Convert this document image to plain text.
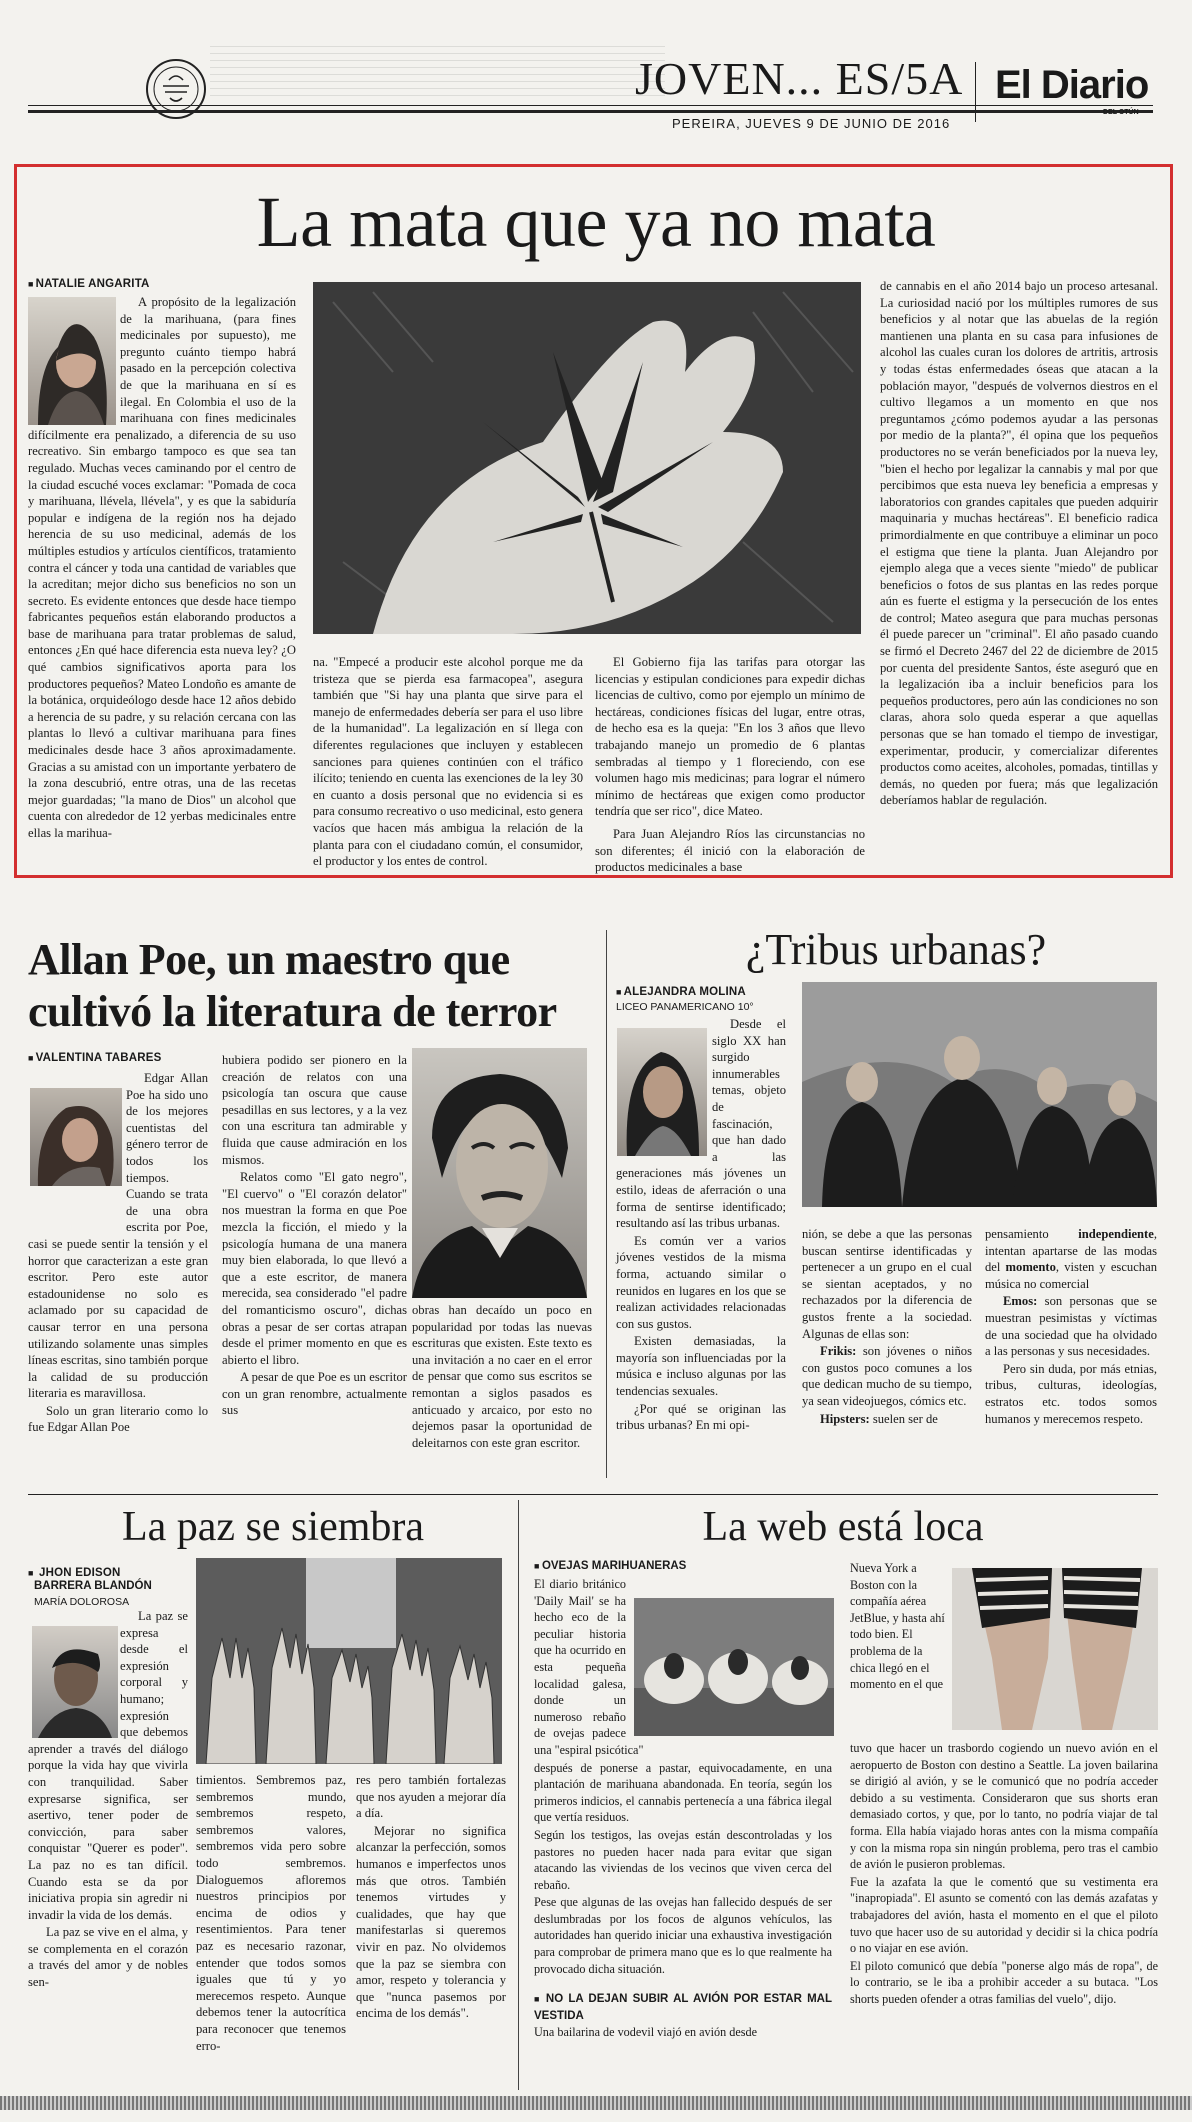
JOVEN... ES/5A
PEREIRA, JUEVES 9 DE JUNIO DE 2016
El Diario
DEL OTÚN
La mata que ya no mata
■ NATALIE ANGARITA

A propósito de la legalización de la marihuana, (para fines medicinales por supuesto), me pregunto cuánto tiempo habrá pasado en la percepción colectiva de que la marihuana en sí es ilegal. En Colombia el uso de la marihuana con fines medicinales difícilmente era penalizado, a diferencia de su uso recreativo. Sin embargo tampoco es que sea tan regulado. Muchas veces caminando por el centro de la ciudad escuché voces exclamar: "Pomada de coca y marihuana, llévela, llévela", y es que la sabiduría popular e indígena de la región nos ha dejado herencia de su uso medicinal, además de los múltiples estudios y artículos científicos, tratamiento contra el cáncer y toda una cantidad de variables que la acreditan; mejor dicho sus beneficios no son un secreto. Es evidente entonces que desde hace tiempo fabricantes pequeños están elaborando productos a base de marihuana para tratar problemas de salud, entonces ¿En qué hace diferencia esta nueva ley? ¿O qué cambios significativos aporta para los productores pequeños? Mateo Londoño es amante de la botánica, orquideólogo desde hace 12 años debido a herencia de su padre, y su relación cercana con las plantas lo llevó a cultivar marihuana para fines medicinales desde hace 3 años aproximadamente. Gracias a su amistad con un importante yerbatero de la zona descubrió, entre otras, una de las recetas mejor guardadas; "la mano de Dios" un alcohol que cuenta con alrededor de 12 yerbas medicinales entre ellas la marihua-

na. "Empecé a producir este alcohol porque me da tristeza que se pierda esa farmacopea", asegura también que "Si hay una planta que sirve para el manejo de enfermedades debería ser para el uso libre de la humanidad". La legalización en sí llega con diferentes regulaciones que incluyen y establecen sanciones para quienes continúen con el tráfico ilícito; teniendo en cuenta las exenciones de la ley 30 en cuanto a dosis personal que no evidencia si es para consumo recreativo o uso medicinal, esto genera vacíos que hacen más ambigua la relación de la planta para con el ciudadano común, el consumidor, el productor y los entes de control.

El Gobierno fija las tarifas para otorgar las licencias y estipulan condiciones para expedir dichas licencias de cultivo, como por ejemplo un mínimo de hectáreas, condiciones físicas del lugar, entre otras, de hecho esa es la queja: "En los 3 años que llevo trabajando manejo un promedio de 6 plantas sembradas al tiempo y 1 floreciendo, con ese volumen hago mis medicinas; para lograr el número mínimo de hectáreas que exigen como productor tendría que ser rico", dice Mateo.

Para Juan Alejandro Ríos las circunstancias no son diferentes; él inició con la elaboración de productos medicinales a base

de cannabis en el año 2014 bajo un proceso artesanal. La curiosidad nació por los múltiples rumores de sus beneficios y al notar que las abuelas de la región mantienen una planta en su casa para infusiones de alcohol las cuales curan los dolores de artritis, artrosis y todas éstas enfermedades óseas que atacan a la población mayor, "después de volvernos diestros en el cultivo llegamos a un momento en que nos preguntamos ¿cómo podemos ayudar a las personas por medio de la planta?", él opina que los pequeños productores no se verán beneficiados por la nueva ley, "bien el hecho por legalizar la cannabis y mal por que percibimos que esta nueva ley beneficia a empresas y laboratorios con grandes capitales que pueden adquirir maquinaria y muchas hectáreas". El beneficio radica primordialmente en que contribuye a eliminar un poco el estigma que tiene la planta. Juan Alejandro por ejemplo alega que a veces siente "miedo" de publicar beneficios o fotos de sus plantas en las redes porque aún es fuerte el estigma y la persecución de los entes de control; Mateo asegura que para muchas personas él puede parecer un "criminal". El año pasado cuando se firmó el Decreto 2467 del 22 de diciembre de 2015 por cuenta del presidente Santos, éste aseguró que en la legalización iba a incluir beneficios para los pequeños productores, pero aún las condiciones no son claras, ahora solo queda esperar a que aquellas personas que se han tomado el tiempo de investigar, experimentar, producir, y comercializar diferentes productos como aceites, alcoholes, pomadas, tintillas y demás, no queden por fuera; más que legalización deberíamos hablar de regulación.

Allan Poe, un maestro que
cultivó la literatura de terror
■ VALENTINA TABARES

Edgar Allan Poe ha sido uno de los mejores cuentistas del género terror de todos los tiempos. Cuando se trata de una obra escrita por Poe, casi se puede sentir la tensión y el horror que caracterizan a este gran escritor. Pero este autor estadounidense no solo es aclamado por su capacidad de causar terror en una persona utilizando solamente unas simples líneas escritas, sino también porque la calidad de su producción literaria es maravillosa.

Solo un gran literario como lo fue Edgar Allan Poe

hubiera podido ser pionero en la creación de relatos con una psicología tan oscura que cause pesadillas en sus lectores, y a la vez con una escritura tan admirable y fluida que cause admiración en los mismos.

Relatos como "El gato negro", "El cuervo" o "El corazón delator" nos muestran la forma en que Poe mezcla la ficción, el miedo y la psicología humana de una manera muy bien elaborada, lo que llevó a que a este escritor, de manera merecida, sea considerado "el padre del romanticismo oscuro", dichas obras a pesar de ser cortas atrapan desde el primer momento en que es abierto el libro.

A pesar de que Poe es un escritor con un gran renombre, actualmente sus

obras han decaído un poco en popularidad por todas las nuevas escrituras que existen. Este texto es una invitación a no caer en el error de pensar que como sus escritos se remontan a siglos pasados es anticuado y arcaico, por esto no dejemos pasar la oportunidad de deleitarnos con este gran escritor.

¿Tribus urbanas?
■ ALEJANDRA MOLINA
LICEO PANAMERICANO 10°

Desde el siglo XX han surgido innumerables temas, objeto de fascinación, que han dado a las generaciones más jóvenes un estilo, ideas de aferración o una forma de sentirse identificado; resultando así las tribus urbanas.

Es común ver a varios jóvenes vestidos de la misma forma, actuando similar o reunidos en lugares en los que se realizan actividades relacionadas con sus gustos.

Existen demasiadas, la mayoría son influenciadas por la música e incluso algunas por las tendencias sexuales.

¿Por qué se originan las tribus urbanas? En mi opi-

nión, se debe a que las personas buscan sentirse identificadas y pertenecer a un grupo en el cual se sientan aceptados, y no rechazados por la diferencia de gustos frente a la sociedad. Algunas de ellas son:

Frikis: son jóvenes o niños con gustos poco comunes a los que dedican mucho de su tiempo, ya sean videojuegos, cómics etc.

Hipsters: suelen ser de

pensamiento independiente, intentan apartarse de las modas del momento, visten y escuchan música no comercial

Emos: son personas que se muestran pesimistas y víctimas de una sociedad que ha olvidado a las personas y sus necesidades.

Pero sin duda, por más etnias, tribus, culturas, ideologías, estratos etc. todos somos humanos y merecemos respeto.

La paz se siembra
■ JHON EDISON
BARRERA BLANDÓN
MARÍA DOLOROSA

La paz se expresa desde el expresión corporal y humano; expresión que debemos aprender a través del diálogo porque la vida hay que vivirla con tranquilidad. Saber expresarse significa, ser asertivo, tener poder de convicción, para saber conquistar "Querer es poder". La paz no es tan difícil. Cuando esta se da por iniciativa propia sin agredir ni invadir la vida de los demás.

La paz se vive en el alma, y se complementa en el corazón a través del amor y de nobles sen-

timientos. Sembremos paz, sembremos mundo, sembremos respeto, sembremos valores, sembremos vida pero sobre todo sembremos. Dialoguemos afloremos nuestros principios por encima de odios y resentimientos. Para tener paz es necesario razonar, entender que todos somos iguales que tú y yo merecemos respeto. Aunque debemos tener la autocrítica para reconocer que tenemos erro-

res pero también fortalezas que nos ayuden a mejorar día a día.

Mejorar no significa alcanzar la perfección, somos humanos e imperfectos unos más que otros. También tenemos virtudes y cualidades, que hay que manifestarlas si queremos vivir en paz. No olvidemos que la paz se siembra con amor, respeto y tolerancia y que "nunca pasemos por encima de los demás".

La web está loca
■ OVEJAS MARIHUANERAS

El diario británico 'Daily Mail' se ha hecho eco de la peculiar historia que ha ocurrido en esta pequeña localidad galesa, donde un numeroso rebaño de ovejas padece una "espiral psicótica"

después de ponerse a pastar, equivocadamente, en una plantación de marihuana abandonada. En teoría, según los primeros indicios, el cannabis pertenecía a una fábrica ilegal que vertía residuos.

Según los testigos, las ovejas están descontroladas y los pastores no pueden hacer nada para evitar que sigan atacando las viviendas de los vecinos que viven cerca del rebaño.

Pese que algunas de las ovejas han fallecido después de ser deslumbradas por los focos de algunos vehículos, las autoridades han querido iniciar una exhaustiva investigación para comprobar de primera mano que es lo que realmente ha provocado dicha situación.

■ NO LA DEJAN SUBIR AL AVIÓN POR ESTAR MAL VESTIDA

Una bailarina de vodevil viajó en avión desde

Nueva York a Boston con la compañía aérea JetBlue, y hasta ahí todo bien. El problema de la chica llegó en el momento en el que

tuvo que hacer un trasbordo cogiendo un nuevo avión en el aeropuerto de Boston con destino a Seattle. La joven bailarina se dirigió al avión, y se le comunicó que no podría acceder debido a su vestimenta. Consideraron que sus shorts eran demasiado cortos, y que, por lo tanto, no podría viajar de tal forma. Ella había viajado horas antes con la misma compañía y con la misma ropa sin ningún problema, pero tras el cambio de avión le pusieron problemas.

Fue la azafata la que le comentó que su vestimenta era "inapropiada". El asunto se comentó con las demás azafatas y trabajadores del avión, hasta el momento en el que el piloto tuvo que hacer uso de su autoridad y decidir si la chica podría o no viajar en ese avión.

El piloto comunicó que debía "ponerse algo más de ropa", de lo contrario, se le iba a prohibir acceder a su butaca. "Los shorts pueden ofender a otras familias del vuelo", dijo.
